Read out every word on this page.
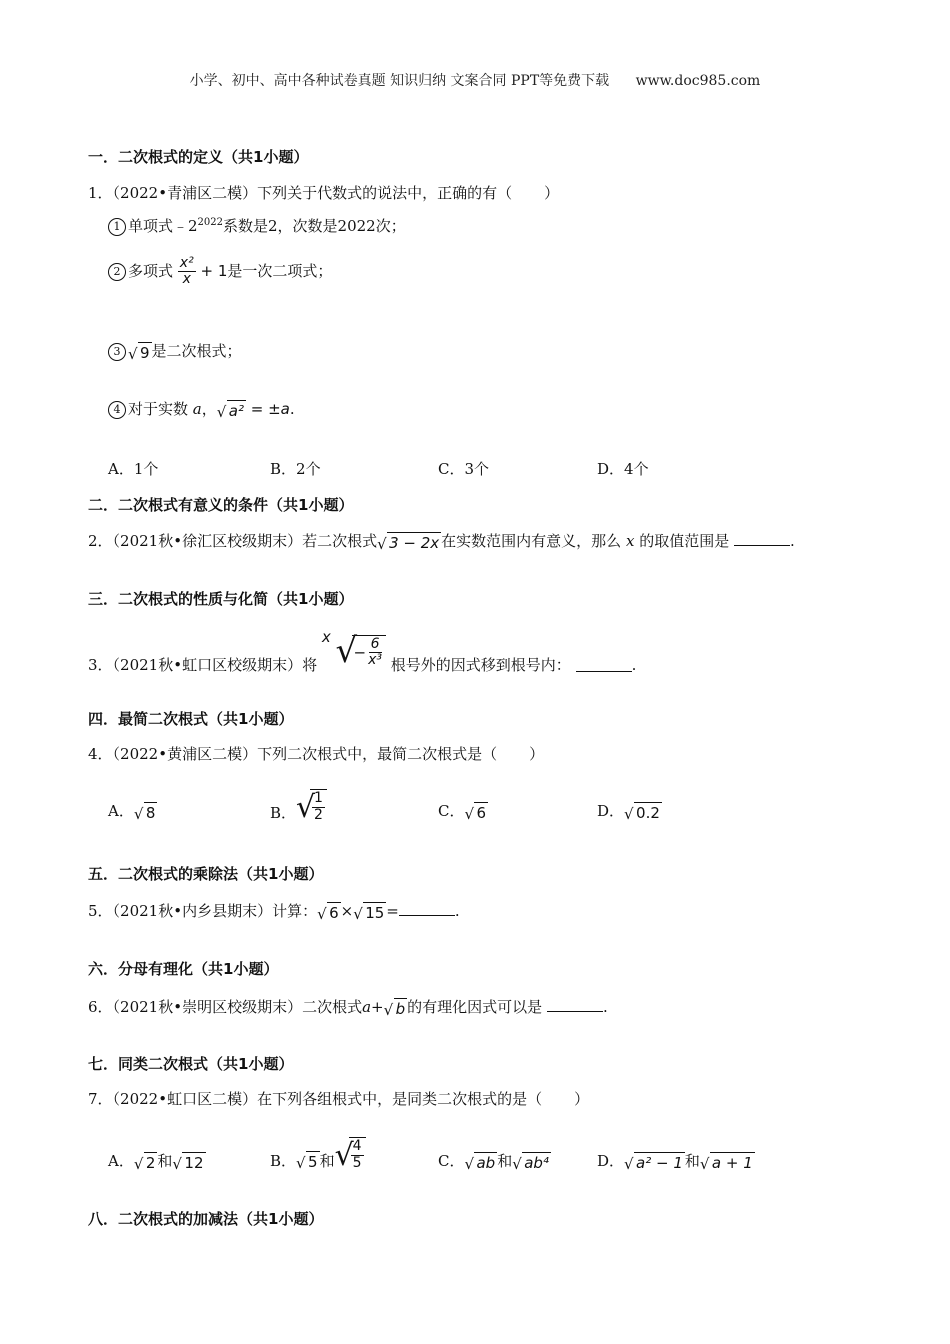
小学、初中、高中各种试卷真题 知识归纳 文案合同 PPT等免费下载 www.doc985.com
一．二次根式的定义（共1小题）
1．（2022•青浦区二模）下列关于代数式的说法中，正确的有（ ）
1 单项式$﹣2^{2022}$系数是2，次数是2022次；
2 多项式 $\frac{\text{x²}}{x} + 1$是一次二项式；
3 √ 9 是二次根式；
4 对于实数 a， √ a² = ±a.
A．1个	B．2个	C．3个	D．4个
二．二次根式有意义的条件（共1小题）
2．（2021秋•徐汇区校级期末）若二次根式 √ 3 − 2x 在实数范围内有意义，那么 x 的取值范围是	.
三．二次根式的性质与化简（共1小题）
3．（2021秋•虹口区校级期末）将 x √
− $\frac{6}{\text{x³}}$ 根号外的因式移到根号内：	.
四．最简二次根式（共1小题）
4．（2022•黄浦区二模）下列二次根式中，最简二次根式是（ ）
A． √ 8	B． √
$\frac{1}{2}$	C． √ 6	D． √ 0.2
五．二次根式的乘除法（共1小题）
5．（2021秋•内乡县期末）计算： √ 6 × √ 15 =	.
六．分母有理化（共1小题）
6．（2021秋•崇明区校级期末）二次根式a+ √ b 的有理化因式可以是	.
七．同类二次根式（共1小题）
7．（2022•虹口区二模）在下列各组根式中，是同类二次根式的是（ ）
A． √ 2 和 √ 12	B． √ 5 和 √
$\frac{4}{5}$	C． √ ab 和 √ ab⁴	D． √ a² − 1 和 √ a + 1
八．二次根式的加减法（共1小题）
